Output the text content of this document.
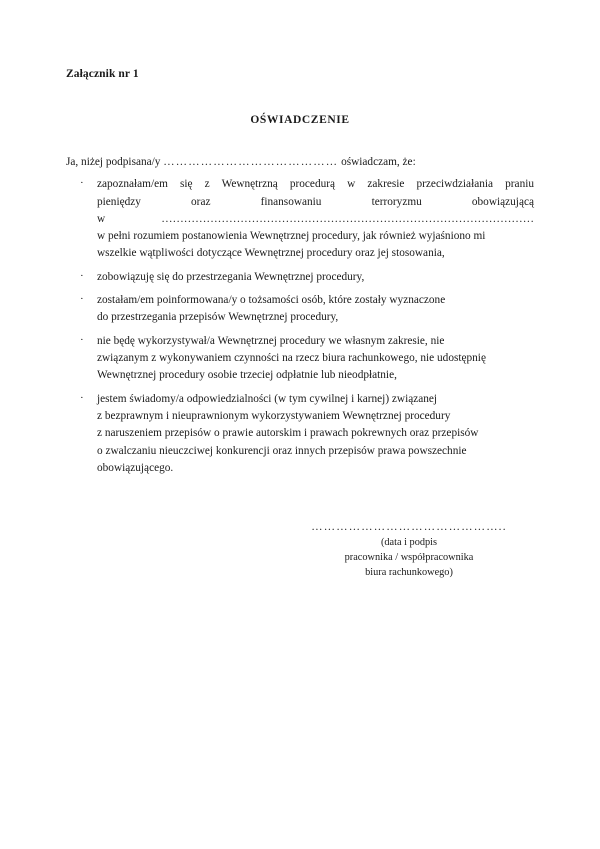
Załącznik nr 1

OŚWIADCZENIE

Ja, niżej podpisana/y …………………………………… oświadczam, że:

· zapoznałam/em się z Wewnętrzną procedurą w zakresie przeciwdziałania praniu
pieniędzy oraz finansowaniu terroryzmu obowiązującą
w ………………………………………………………………………………………
w pełni rozumiem postanowienia Wewnętrznej procedury, jak również wyjaśniono mi
wszelkie wątpliwości dotyczące Wewnętrznej procedury oraz jej stosowania,
· zobowiązuję się do przestrzegania Wewnętrznej procedury,
· zostałam/em poinformowana/y o tożsamości osób, które zostały wyznaczone
do przestrzegania przepisów Wewnętrznej procedury,
· nie będę wykorzystywał/a Wewnętrznej procedury we własnym zakresie, nie
związanym z wykonywaniem czynności na rzecz biura rachunkowego, nie udostępnię
Wewnętrznej procedury osobie trzeciej odpłatnie lub nieodpłatnie,
· jestem świadomy/a odpowiedzialności (w tym cywilnej i karnej) związanej
z bezprawnym i nieuprawnionym wykorzystywaniem Wewnętrznej procedury
z naruszeniem przepisów o prawie autorskim i prawach pokrewnych oraz przepisów
o zwalczaniu nieuczciwej konkurencji oraz innych przepisów prawa powszechnie
obowiązującego.
………………………………………..
(data i podpis
pracownika / współpracownika
biura rachunkowego)
